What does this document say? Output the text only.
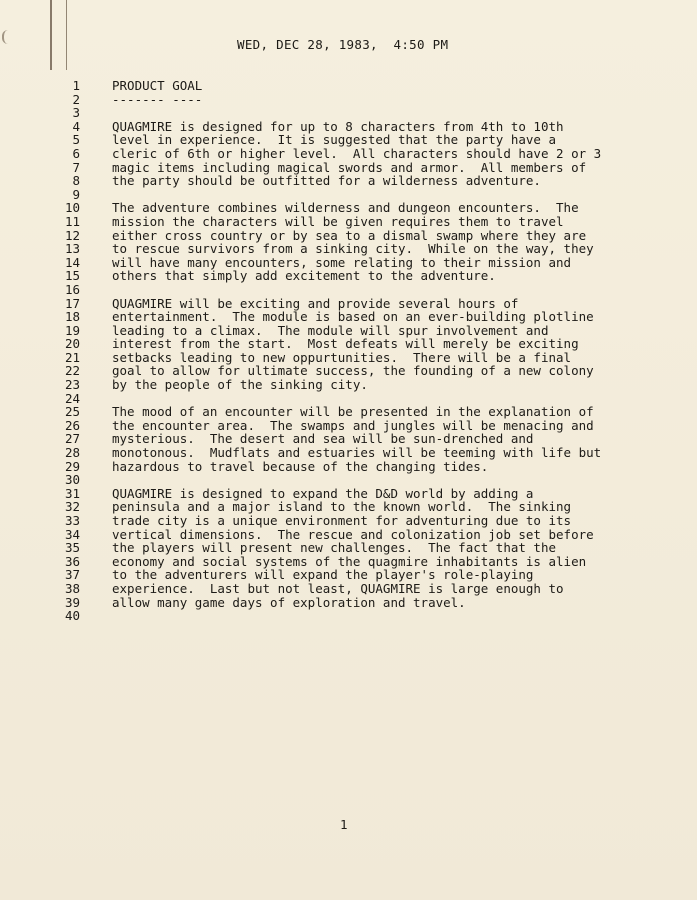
WED, DEC 28, 1983,  4:50 PM
1
2
3
4
5
6
7
8
9
10
11
12
13
14
15
16
17
18
19
20
21
22
23
24
25
26
27
28
29
30
31
32
33
34
35
36
37
38
39
40
PRODUCT GOAL
------- ----
QUAGMIRE is designed for up to 8 characters from 4th to 10th
level in experience.  It is suggested that the party have a
cleric of 6th or higher level.  All characters should have 2 or 3
magic items including magical swords and armor.  All members of
the party should be outfitted for a wilderness adventure.
The adventure combines wilderness and dungeon encounters.  The
mission the characters will be given requires them to travel
either cross country or by sea to a dismal swamp where they are
to rescue survivors from a sinking city.  While on the way, they
will have many encounters, some relating to their mission and
others that simply add excitement to the adventure.
QUAGMIRE will be exciting and provide several hours of
entertainment.  The module is based on an ever-building plotline
leading to a climax.  The module will spur involvement and
interest from the start.  Most defeats will merely be exciting
setbacks leading to new oppurtunities.  There will be a final
goal to allow for ultimate success, the founding of a new colony
by the people of the sinking city.
The mood of an encounter will be presented in the explanation of
the encounter area.  The swamps and jungles will be menacing and
mysterious.  The desert and sea will be sun-drenched and
monotonous.  Mudflats and estuaries will be teeming with life but
hazardous to travel because of the changing tides.
QUAGMIRE is designed to expand the D&D world by adding a
peninsula and a major island to the known world.  The sinking
trade city is a unique environment for adventuring due to its
vertical dimensions.  The rescue and colonization job set before
the players will present new challenges.  The fact that the
economy and social systems of the quagmire inhabitants is alien
to the adventurers will expand the player's role-playing
experience.  Last but not least, QUAGMIRE is large enough to
allow many game days of exploration and travel.
1
